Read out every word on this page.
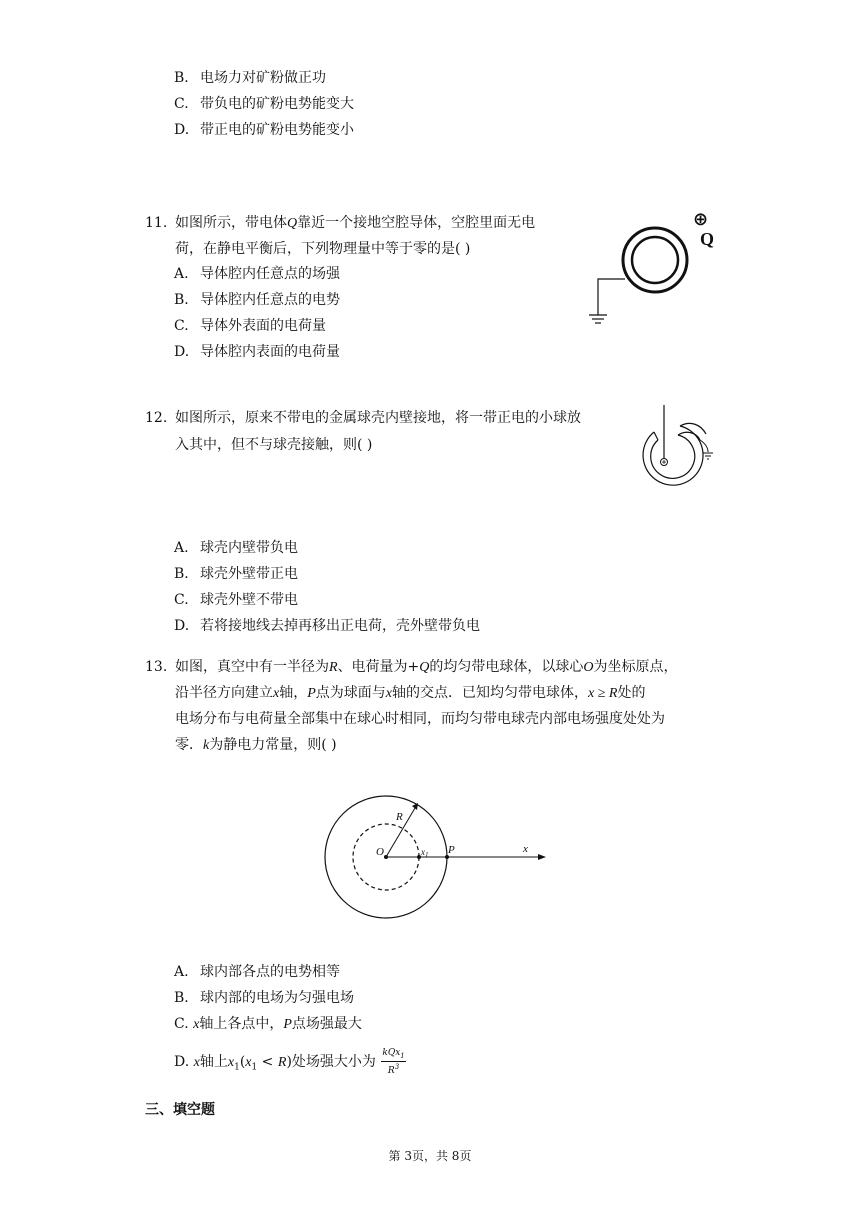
B. 电场力对矿粉做正功
C. 带负电的矿粉电势能变大
D. 带正电的矿粉电势能变小
11. 如图所示，带电体Q靠近一个接地空腔导体，空腔里面无电
荷，在静电平衡后，下列物理量中等于零的是( )
A. 导体腔内任意点的场强
B. 导体腔内任意点的电势
C. 导体外表面的电荷量
D. 导体腔内表面的电荷量
⊕
Q
12. 如图所示，原来不带电的金属球壳内壁接地，将一带正电的小球放
入其中，但不与球壳接触，则( )
A. 球壳内壁带负电
B. 球壳外壁带正电
C. 球壳外壁不带电
D. 若将接地线去掉再移出正电荷，壳外壁带负电
13. 如图，真空中有一半径为R、电荷量为+Q的均匀带电球体，以球心O为坐标原点，
沿半径方向建立x轴，P点为球面与x轴的交点．已知均匀带电球体，x ≥ R处的
电场分布与电荷量全部集中在球心时相同，而均匀带电球壳内部电场强度处处为
零．k为静电力常量，则( )
R
O	$x_1$ P	x
A. 球内部各点的电势相等
B. 球内部的电场为匀强电场
C. x轴上各点中，P点场强最大
D. x轴上$x_1(x_1 < R)$处场强大小为 $\frac{kQx_1}{R^3}$
三、填空题
第 3页，共 8页
